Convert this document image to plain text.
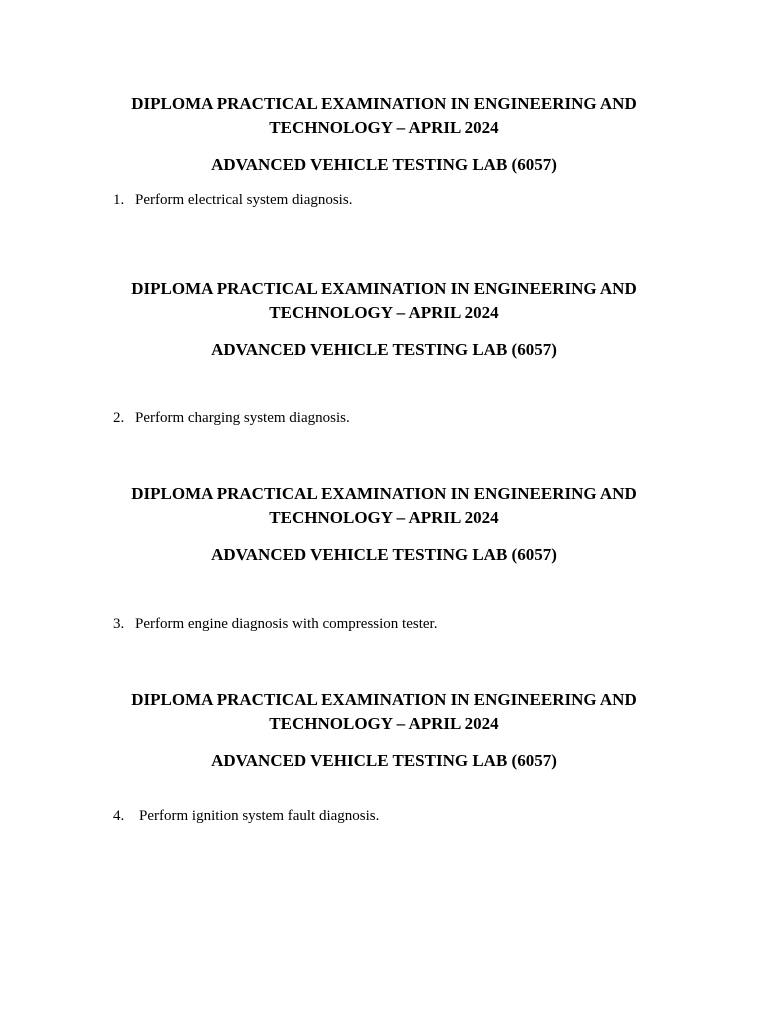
DIPLOMA PRACTICAL EXAMINATION IN ENGINEERING AND TECHNOLOGY – APRIL 2024

ADVANCED VEHICLE TESTING LAB (6057)

1. Perform electrical system diagnosis.

DIPLOMA PRACTICAL EXAMINATION IN ENGINEERING AND TECHNOLOGY – APRIL 2024

ADVANCED VEHICLE TESTING LAB (6057)

2. Perform charging system diagnosis.

DIPLOMA PRACTICAL EXAMINATION IN ENGINEERING AND TECHNOLOGY – APRIL 2024

ADVANCED VEHICLE TESTING LAB (6057)

3. Perform engine diagnosis with compression tester.

DIPLOMA PRACTICAL EXAMINATION IN ENGINEERING AND TECHNOLOGY – APRIL 2024

ADVANCED VEHICLE TESTING LAB (6057)

4. Perform ignition system fault diagnosis.
